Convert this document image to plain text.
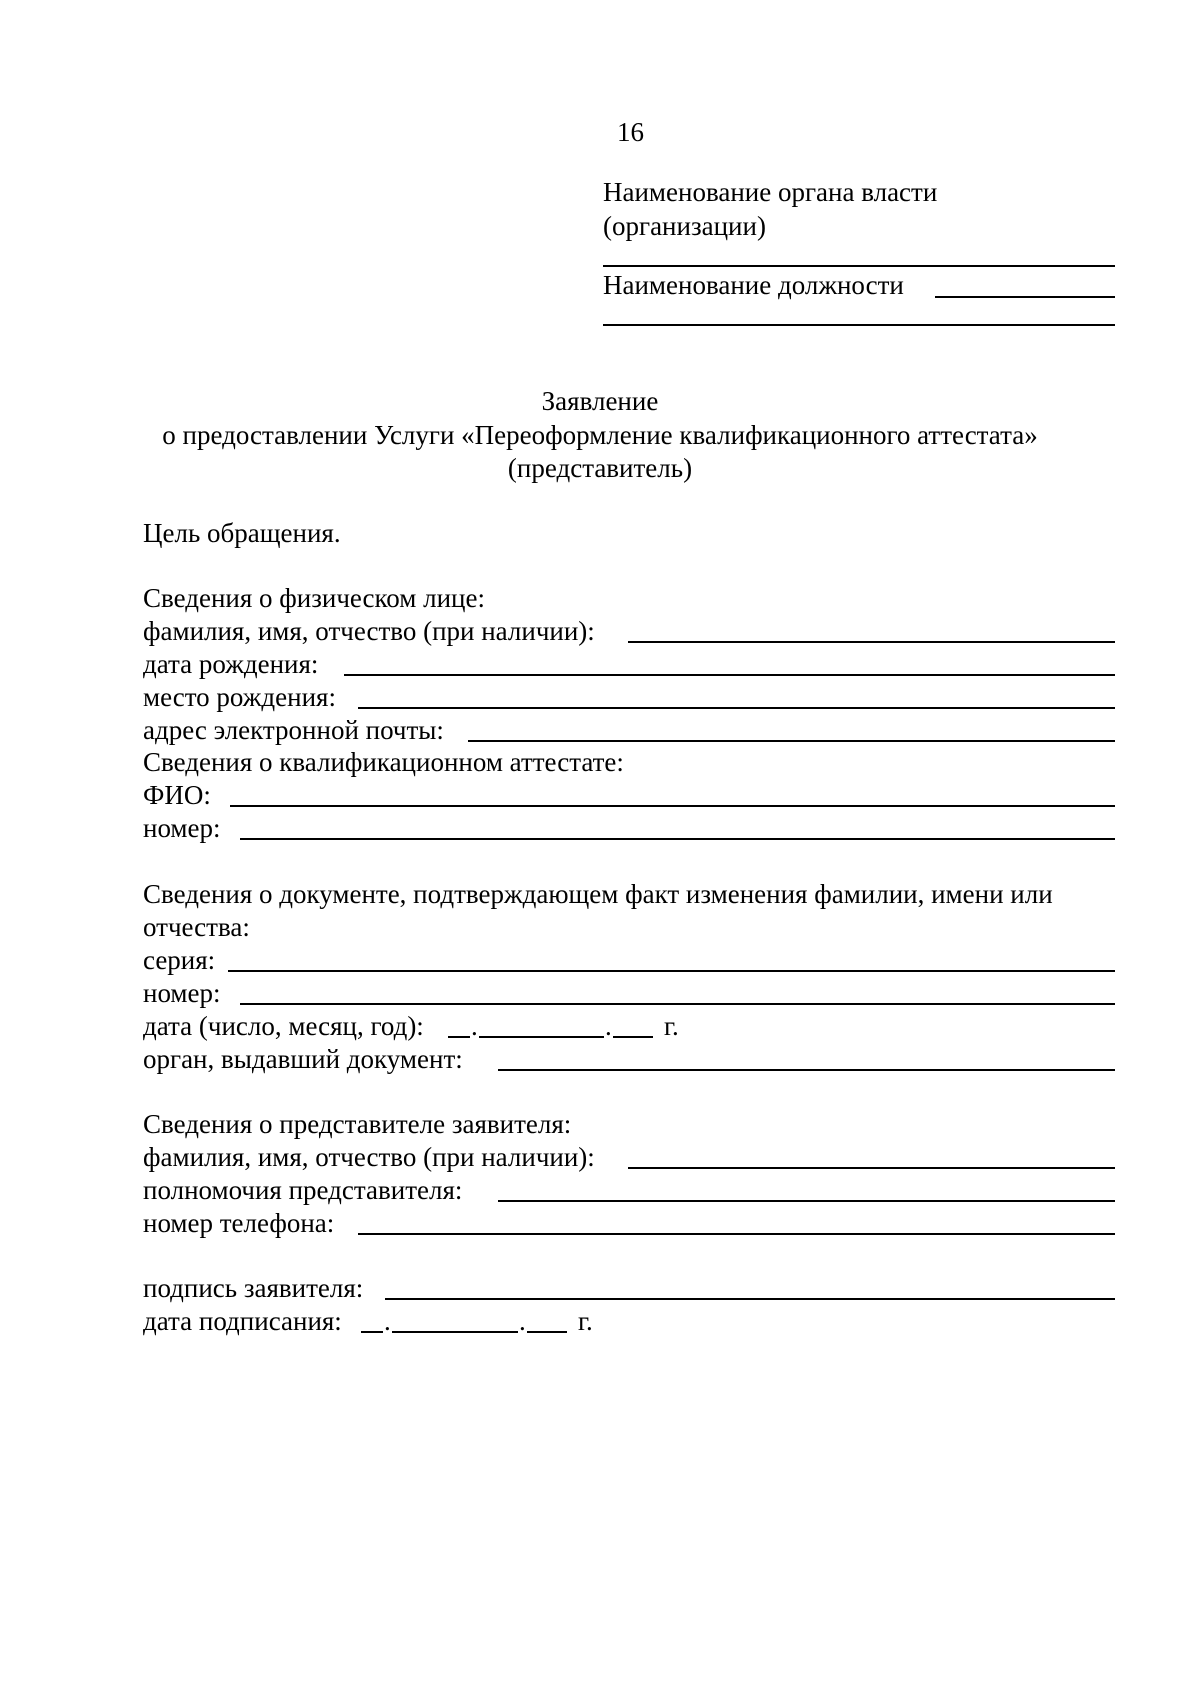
16
Наименование органа власти
(организации)
Наименование должности
Заявление
о предоставлении Услуги «Переоформление квалификационного аттестата»
(представитель)
Цель обращения.
Сведения о физическом лице:
фамилия, имя, отчество (при наличии):
дата рождения:
место рождения:
адрес электронной почты:
Сведения о квалификационном аттестате:
ФИО:
номер:
Сведения о документе, подтверждающем факт изменения фамилии, имени или
отчества:
серия:
номер:
дата (число, месяц, год): .	. г.
орган, выдавший документ:
Сведения о представителе заявителя:
фамилия, имя, отчество (при наличии):
полномочия представителя:
номер телефона:
подпись заявителя:
дата подписания: .	. г.
